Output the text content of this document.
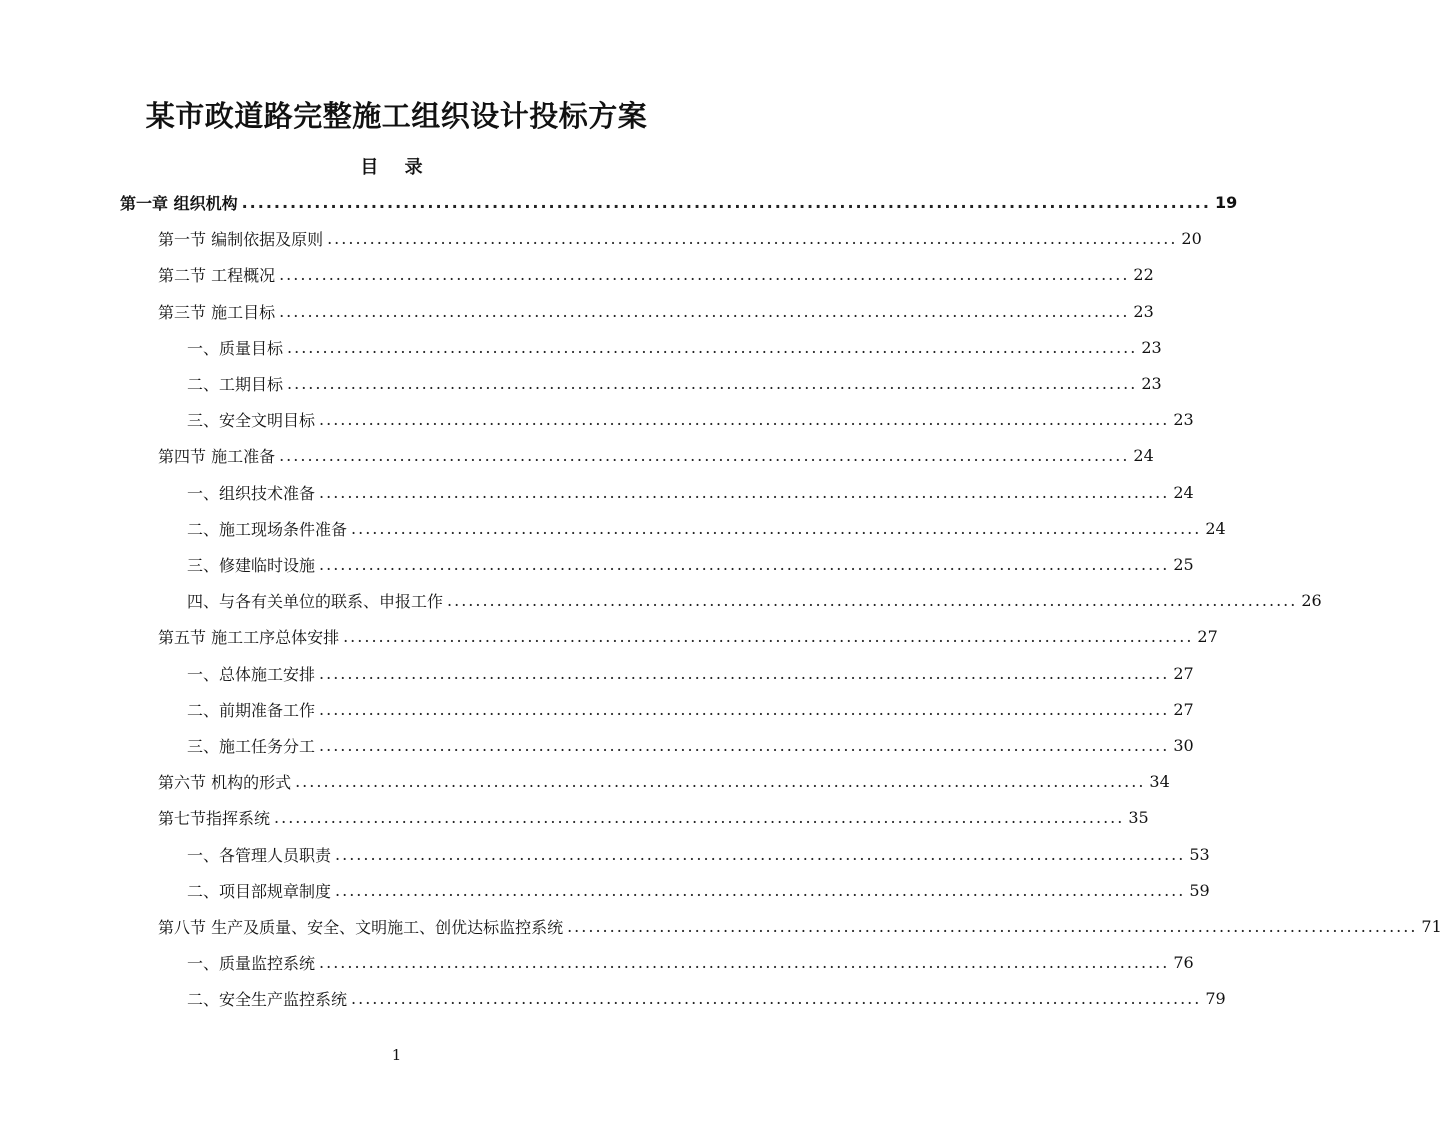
某市政道路完整施工组织设计投标方案
目 录
第一章 组织机构 ........................................................................................................................ 19
第一节 编制依据及原则 ........................................................................................................................ 20
第二节 工程概况 ........................................................................................................................ 22
第三节 施工目标 ........................................................................................................................ 23
一、质量目标 ........................................................................................................................ 23
二、工期目标 ........................................................................................................................ 23
三、安全文明目标 ........................................................................................................................ 23
第四节 施工准备 ........................................................................................................................ 24
一、组织技术准备 ........................................................................................................................ 24
二、施工现场条件准备 ........................................................................................................................ 24
三、修建临时设施 ........................................................................................................................ 25
四、与各有关单位的联系、申报工作 ........................................................................................................................ 26
第五节 施工工序总体安排 ........................................................................................................................ 27
一、总体施工安排 ........................................................................................................................ 27
二、前期准备工作 ........................................................................................................................ 27
三、施工任务分工 ........................................................................................................................ 30
第六节 机构的形式 ........................................................................................................................ 34
第七节指挥系统 ........................................................................................................................ 35
一、各管理人员职责 ........................................................................................................................ 53
二、项目部规章制度 ........................................................................................................................ 59
第八节 生产及质量、安全、文明施工、创优达标监控系统 ........................................................................................................................ 71
一、质量监控系统 ........................................................................................................................ 76
二、安全生产监控系统 ........................................................................................................................ 79
1
